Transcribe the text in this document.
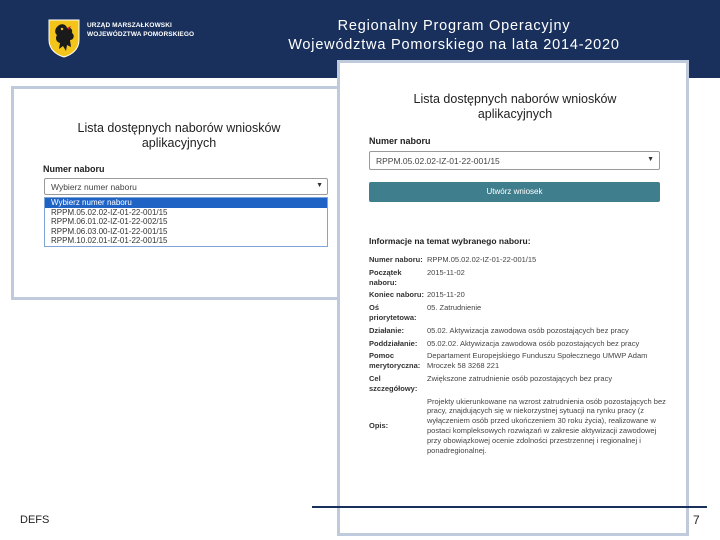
URZĄD MARSZAŁKOWSKI
WOJEWÓDZTWA POMORSKIEGO	Regionalny Program Operacyjny
Województwa Pomorskiego na lata 2014-2020
Lista dostępnych naborów wniosków
aplikacyjnych
Numer naboru
Wybierz numer naboru	▼
Wybierz numer naboru
RPPM.05.02.02-IZ-01-22-001/15
RPPM.06.01.02-IZ-01-22-002/15
RPPM.06.03.00-IZ-01-22-001/15
RPPM.10.02.01-IZ-01-22-001/15
Lista dostępnych naborów wniosków
aplikacyjnych
Numer naboru
RPPM.05.02.02-IZ-01-22-001/15	▼
Utwórz wniosek
Informacje na temat wybranego naboru:
Numer naboru:	RPPM.05.02.02-IZ-01-22-001/15
Początek naboru:	2015-11-02
Koniec naboru:	2015-11-20
Oś priorytetowa:	05. Zatrudnienie
Działanie:	05.02. Aktywizacja zawodowa osób pozostających bez pracy
Poddziałanie:	05.02.02. Aktywizacja zawodowa osób pozostających bez pracy
Pomoc merytoryczna:	Departament Europejskiego Funduszu Społecznego UMWP Adam Mroczek 58 3268 221
Cel szczegółowy:	Zwiększone zatrudnienie osób pozostających bez pracy
Opis:	Projekty ukierunkowane na wzrost zatrudnienia osób pozostających bez pracy, znajdujących się w niekorzystnej sytuacji na rynku pracy (z wyłączeniem osób przed ukończeniem 30 roku życia), realizowane w postaci kompleksowych rozwiązań w zakresie aktywizacji zawodowej przy obowiązkowej ocenie zdolności przestrzennej i regionalnej i ponadregionalnej.
DEFS	7
